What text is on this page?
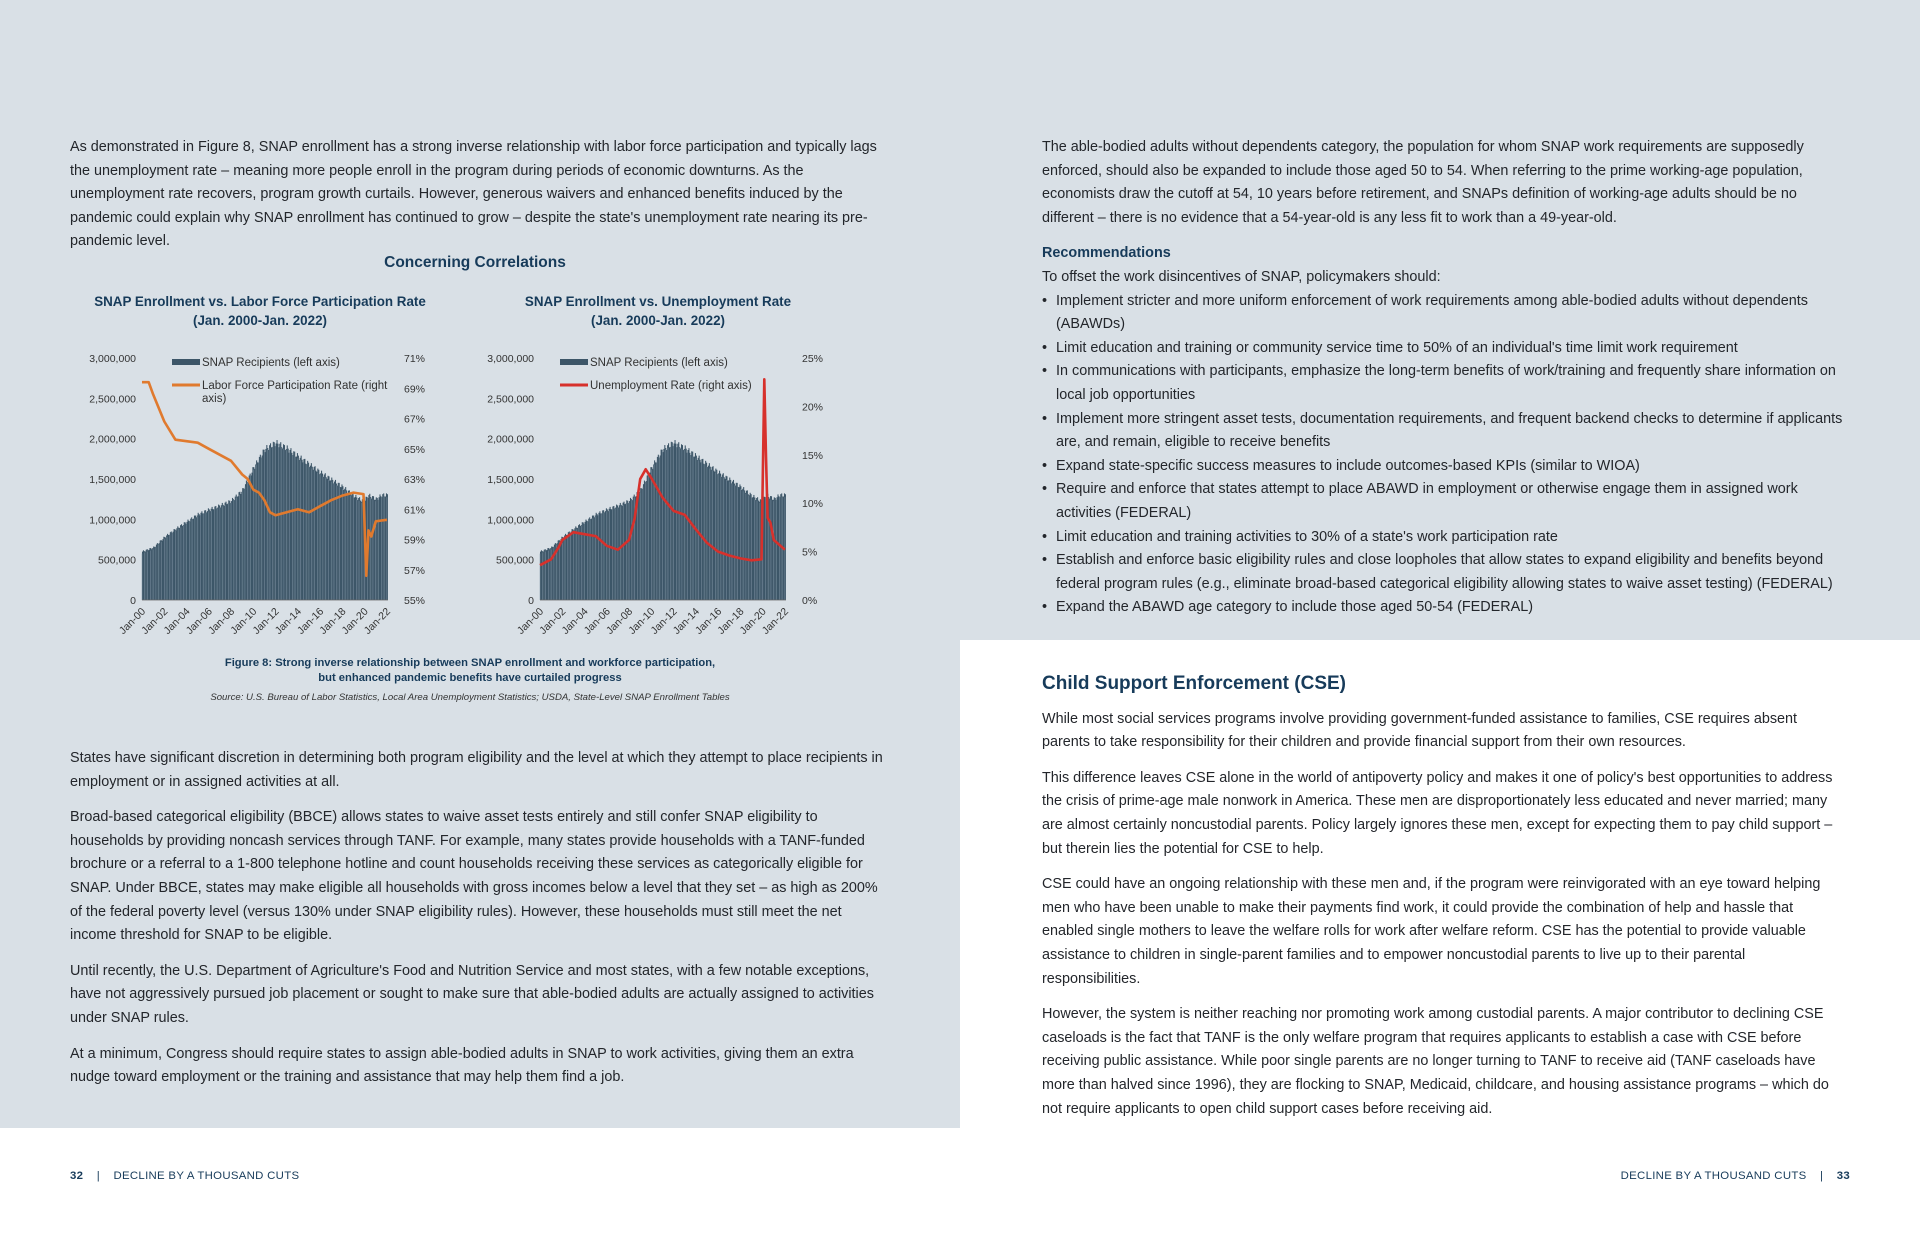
As demonstrated in Figure 8, SNAP enrollment has a strong inverse relationship with labor force participation and typically lags the unemployment rate – meaning more people enroll in the program during periods of economic downturns. As the unemployment rate recovers, program growth curtails. However, generous waivers and enhanced benefits induced by the pandemic could explain why SNAP enrollment has continued to grow – despite the state's unemployment rate nearing its pre-pandemic level.

Concerning Correlations
SNAP Enrollment vs. Labor Force Participation Rate
(Jan. 2000-Jan. 2022)
SNAP Enrollment vs. Unemployment Rate
(Jan. 2000-Jan. 2022)
0
500,000
1,000,000
1,500,000
2,000,000
2,500,000
3,000,000
55%
57%
59%
61%
63%
65%
67%
69%
71%
Jan-00
Jan-02
Jan-04
Jan-06
Jan-08
Jan-10
Jan-12
Jan-14
Jan-16
Jan-18
Jan-20
Jan-22
SNAP Recipients (left axis)
Labor Force Participation Rate (right axis)
0
500,000
1,000,000
1,500,000
2,000,000
2,500,000
3,000,000
0%
5%
10%
15%
20%
25%
Jan-00
Jan-02
Jan-04
Jan-06
Jan-08
Jan-10
Jan-12
Jan-14
Jan-16
Jan-18
Jan-20
Jan-22
SNAP Recipients (left axis)
Unemployment Rate (right axis)
Figure 8: Strong inverse relationship between SNAP enrollment and workforce participation,
but enhanced pandemic benefits have curtailed progress
Source: U.S. Bureau of Labor Statistics, Local Area Unemployment Statistics; USDA, State-Level SNAP Enrollment Tables

States have significant discretion in determining both program eligibility and the level at which they attempt to place recipients in employment or in assigned activities at all.

Broad-based categorical eligibility (BBCE) allows states to waive asset tests entirely and still confer SNAP eligibility to households by providing noncash services through TANF. For example, many states provide households with a TANF-funded brochure or a referral to a 1-800 telephone hotline and count households receiving these services as categorically eligible for SNAP. Under BBCE, states may make eligible all households with gross incomes below a level that they set – as high as 200% of the federal poverty level (versus 130% under SNAP eligibility rules). However, these households must still meet the net income threshold for SNAP to be eligible.

Until recently, the U.S. Department of Agriculture's Food and Nutrition Service and most states, with a few notable exceptions, have not aggressively pursued job placement or sought to make sure that able-bodied adults are actually assigned to activities under SNAP rules.

At a minimum, Congress should require states to assign able-bodied adults in SNAP to work activities, giving them an extra nudge toward employment or the training and assistance that may help them find a job.

The able-bodied adults without dependents category, the population for whom SNAP work requirements are supposedly enforced, should also be expanded to include those aged 50 to 54. When referring to the prime working-age population, economists draw the cutoff at 54, 10 years before retirement, and SNAPs definition of working-age adults should be no different – there is no evidence that a 54-year-old is any less fit to work than a 49-year-old.

Recommendations
To offset the work disincentives of SNAP, policymakers should:
• Implement stricter and more uniform enforcement of work requirements among able-bodied adults without dependents (ABAWDs)
• Limit education and training or community service time to 50% of an individual's time limit work requirement
• In communications with participants, emphasize the long-term benefits of work/training and frequently share information on local job opportunities
• Implement more stringent asset tests, documentation requirements, and frequent backend checks to determine if applicants are, and remain, eligible to receive benefits
• Expand state-specific success measures to include outcomes-based KPIs (similar to WIOA)
• Require and enforce that states attempt to place ABAWD in employment or otherwise engage them in assigned work activities (FEDERAL)
• Limit education and training activities to 30% of a state's work participation rate
• Establish and enforce basic eligibility rules and close loopholes that allow states to expand eligibility and benefits beyond federal program rules (e.g., eliminate broad-based categorical eligibility allowing states to waive asset testing) (FEDERAL)
• Expand the ABAWD age category to include those aged 50-54 (FEDERAL)
Child Support Enforcement (CSE)

While most social services programs involve providing government-funded assistance to families, CSE requires absent parents to take responsibility for their children and provide financial support from their own resources.

This difference leaves CSE alone in the world of antipoverty policy and makes it one of policy's best opportunities to address the crisis of prime-age male nonwork in America. These men are disproportionately less educated and never married; many are almost certainly noncustodial parents. Policy largely ignores these men, except for expecting them to pay child support – but therein lies the potential for CSE to help.

CSE could have an ongoing relationship with these men and, if the program were reinvigorated with an eye toward helping men who have been unable to make their payments find work, it could provide the combination of help and hassle that enabled single mothers to leave the welfare rolls for work after welfare reform. CSE has the potential to provide valuable assistance to children in single-parent families and to empower noncustodial parents to live up to their parental responsibilities.

However, the system is neither reaching nor promoting work among custodial parents. A major contributor to declining CSE caseloads is the fact that TANF is the only welfare program that requires applicants to establish a case with CSE before receiving public assistance. While poor single parents are no longer turning to TANF to receive aid (TANF caseloads have more than halved since 1996), they are flocking to SNAP, Medicaid, childcare, and housing assistance programs – which do not require applicants to open child support cases before receiving aid.

32 | DECLINE BY A THOUSAND CUTS	DECLINE BY A THOUSAND CUTS | 33
